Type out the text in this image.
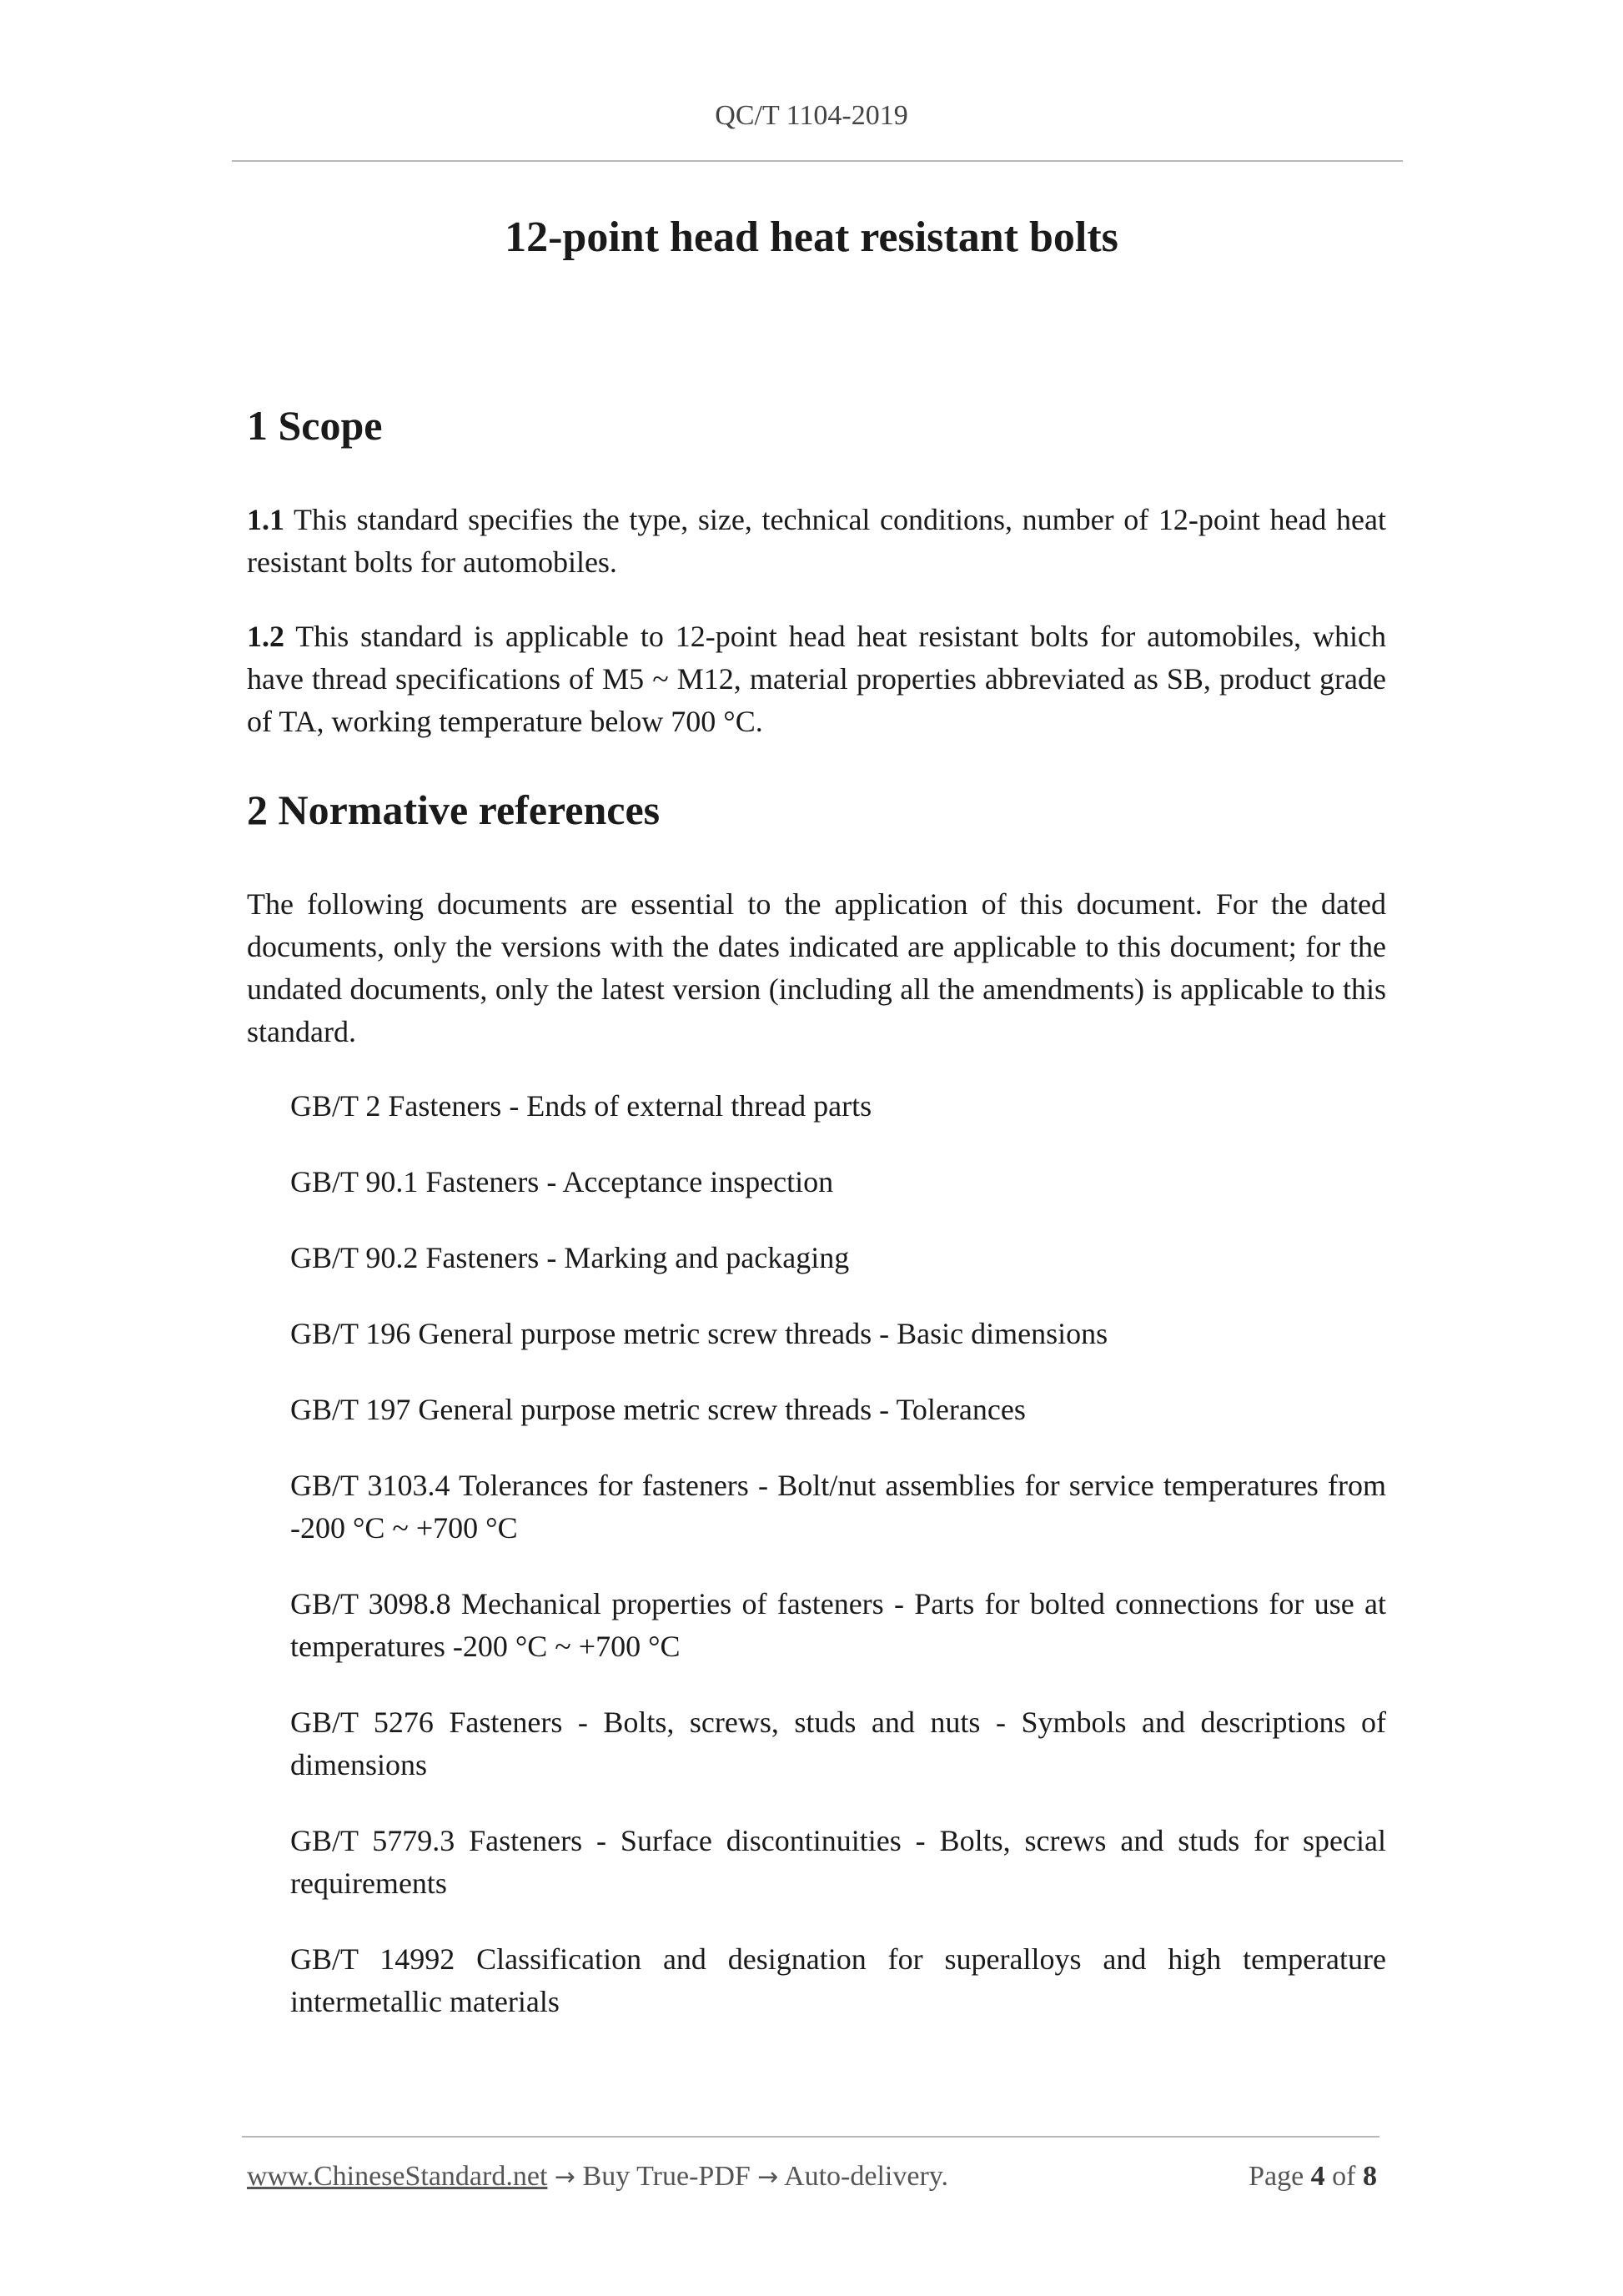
QC/T 1104-2019
12-point head heat resistant bolts
1 Scope

1.1 This standard specifies the type, size, technical conditions, number of 12-point head heat resistant bolts for automobiles.

1.2 This standard is applicable to 12-point head heat resistant bolts for automobiles, which have thread specifications of M5 ~ M12, material properties abbreviated as SB, product grade of TA, working temperature below 700 °C.

2 Normative references

The following documents are essential to the application of this document. For the dated documents, only the versions with the dates indicated are applicable to this document; for the undated documents, only the latest version (including all the amendments) is applicable to this standard.

GB/T 2 Fasteners - Ends of external thread parts
GB/T 90.1 Fasteners - Acceptance inspection
GB/T 90.2 Fasteners - Marking and packaging
GB/T 196 General purpose metric screw threads - Basic dimensions
GB/T 197 General purpose metric screw threads - Tolerances
GB/T 3103.4 Tolerances for fasteners - Bolt/nut assemblies for service temperatures from -200 °C ~ +700 °C
GB/T 3098.8 Mechanical properties of fasteners - Parts for bolted connections for use at temperatures -200 °C ~ +700 °C
GB/T 5276 Fasteners - Bolts, screws, studs and nuts - Symbols and descriptions of dimensions
GB/T 5779.3 Fasteners - Surface discontinuities - Bolts, screws and studs for special requirements
GB/T 14992 Classification and designation for superalloys and high temperature intermetallic materials
www.ChineseStandard.net → Buy True-PDF → Auto-delivery.	Page 4 of 8
